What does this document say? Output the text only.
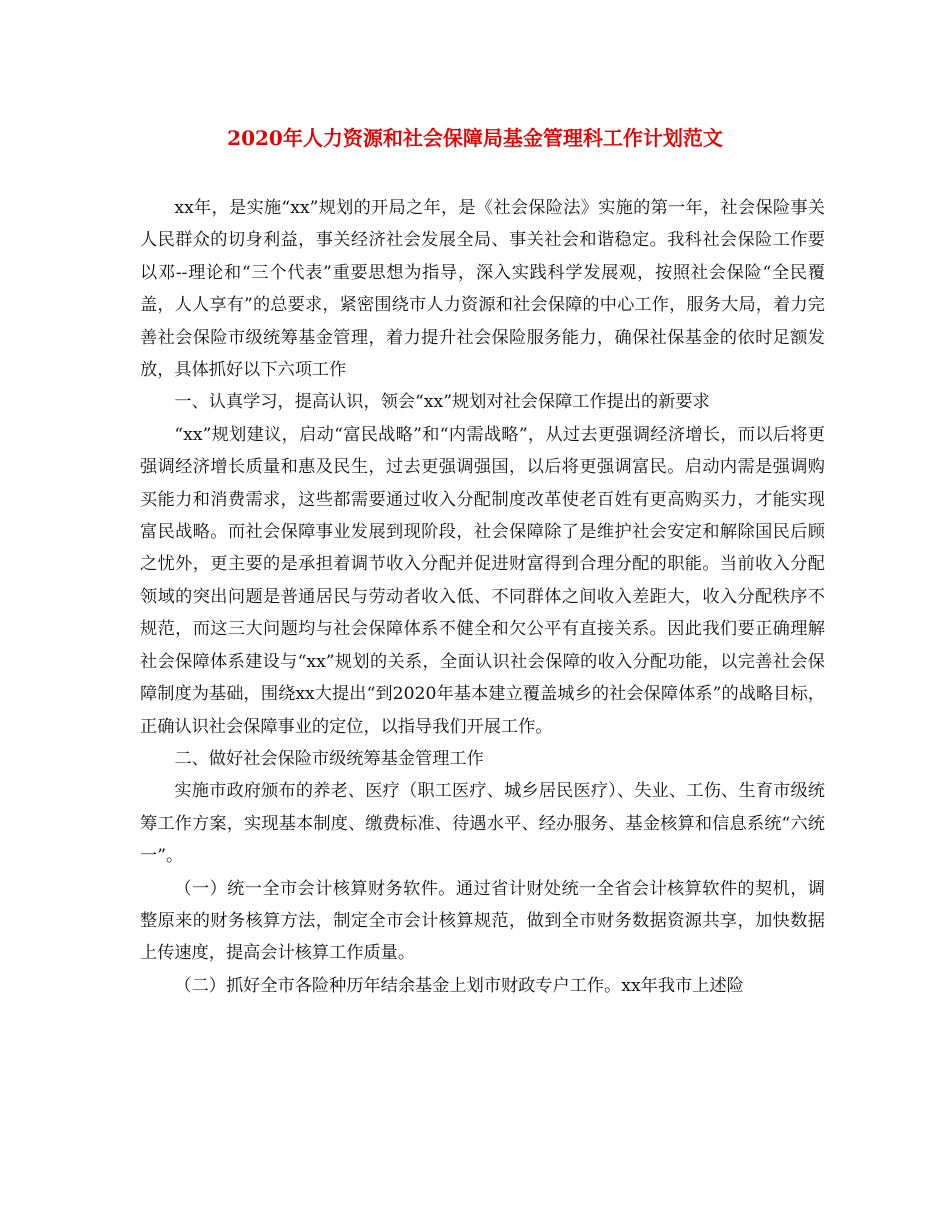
2020年人力资源和社会保障局基金管理科工作计划范文

xx年，是实施“xx”规划的开局之年，是《社会保险法》实施的第一年，社会保险事关人民群众的切身利益，事关经济社会发展全局、事关社会和谐稳定。我科社会保险工作要以邓--理论和“三个代表”重要思想为指导，深入实践科学发展观，按照社会保险“全民覆盖，人人享有”的总要求，紧密围绕市人力资源和社会保障的中心工作，服务大局，着力完善社会保险市级统筹基金管理，着力提升社会保险服务能力，确保社保基金的依时足额发放，具体抓好以下六项工作

一、认真学习，提高认识，领会“xx”规划对社会保障工作提出的新要求

“xx”规划建议，启动“富民战略”和“内需战略”，从过去更强调经济增长，而以后将更强调经济增长质量和惠及民生，过去更强调强国，以后将更强调富民。启动内需是强调购买能力和消费需求，这些都需要通过收入分配制度改革使老百姓有更高购买力，才能实现富民战略。而社会保障事业发展到现阶段，社会保障除了是维护社会安定和解除国民后顾之忧外，更主要的是承担着调节收入分配并促进财富得到合理分配的职能。当前收入分配领域的突出问题是普通居民与劳动者收入低、不同群体之间收入差距大，收入分配秩序不规范，而这三大问题均与社会保障体系不健全和欠公平有直接关系。因此我们要正确理解社会保障体系建设与“xx”规划的关系，全面认识社会保障的收入分配功能，以完善社会保障制度为基础，围绕xx大提出“到2020年基本建立覆盖城乡的社会保障体系”的战略目标，正确认识社会保障事业的定位，以指导我们开展工作。

二、做好社会保险市级统筹基金管理工作

实施市政府颁布的养老、医疗（职工医疗、城乡居民医疗）、失业、工伤、生育市级统筹工作方案，实现基本制度、缴费标准、待遇水平、经办服务、基金核算和信息系统“六统一”。

（一）统一全市会计核算财务软件。通过省计财处统一全省会计核算软件的契机，调整原来的财务核算方法，制定全市会计核算规范，做到全市财务数据资源共享，加快数据上传速度，提高会计核算工作质量。

（二）抓好全市各险种历年结余基金上划市财政专户工作。xx年我市上述险
